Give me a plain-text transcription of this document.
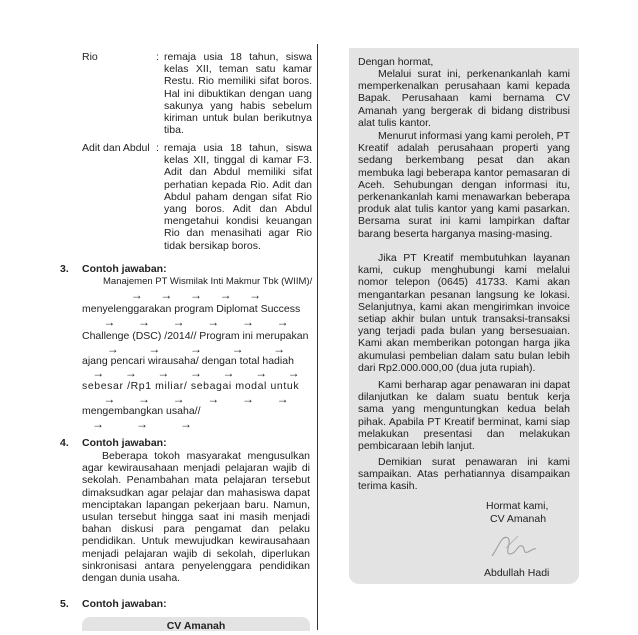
Rio	: remaja usia 18 tahun, siswa kelas XII, teman satu kamar Restu. Rio memiliki sifat boros. Hal ini dibuktikan dengan uang sakunya yang habis sebelum kiriman untuk bulan berikutnya tiba.
Adit dan Abdul : remaja usia 18 tahun, siswa kelas XII, tinggal di kamar F3. Adit dan Abdul memiliki sifat perhatian kepada Rio. Adit dan Abdul paham dengan sifat Rio yang boros. Adit dan Abdul mengetahui kondisi keuangan Rio dan menasihati agar Rio tidak bersikap boros.
3. Contoh jawaban:
Manajemen PT Wismilak Inti Makmur Tbk (WIIM)/
→ → → → →
menyelenggarakan program Diplomat Success
→ → → → → →
Challenge (DSC) /2014// Program ini merupakan
→ → → → →
ajang pencari wirausaha/ dengan total hadiah
→ → → → → → →
sebesar /Rp1 miliar/ sebagai modal untuk
→ → → → → →
mengembangkan usaha//
→	→	→
4. Contoh jawaban:
Beberapa tokoh masyarakat mengusulkan agar kewirausahaan menjadi pelajaran wajib di sekolah. Penambahan mata pelajaran tersebut dimaksudkan agar pelajar dan mahasiswa dapat menciptakan lapangan pekerjaan baru. Namun, usulan tersebut hingga saat ini masih menjadi bahan diskusi para pengamat dan pelaku pendidikan. Untuk mewujudkan kewirausahaan menjadi pelajaran wajib di sekolah, diperlukan sinkronisasi antara penyelenggara pendidikan dengan dunia usaha.
5. Contoh jawaban:
CV Amanah
Dengan hormat,
Melalui surat ini, perkenankanlah kami memperkenalkan perusahaan kami kepada Bapak. Perusahaan kami bernama CV Amanah yang bergerak di bidang distribusi alat tulis kantor.
Menurut informasi yang kami peroleh, PT Kreatif adalah perusahaan properti yang sedang berkembang pesat dan akan membuka lagi beberapa kantor pemasaran di Aceh. Sehubungan dengan informasi itu, perkenankanlah kami menawarkan beberapa produk alat tulis kantor yang kami pasarkan. Bersama surat ini kami lampirkan daftar barang beserta harganya masing-masing.
Jika PT Kreatif membutuhkan layanan kami, cukup menghubungi kami melalui nomor telepon (0645) 41733. Kami akan mengantarkan pesanan langsung ke lokasi. Selanjutnya, kami akan mengirimkan invoice setiap akhir bulan untuk transaksi-transaksi yang terjadi pada bulan yang bersesuaian. Kami akan memberikan potongan harga jika akumulasi pembelian dalam satu bulan lebih dari Rp2.000.000,00 (dua juta rupiah).
Kami berharap agar penawaran ini dapat dilanjutkan ke dalam suatu bentuk kerja sama yang menguntungkan kedua belah pihak. Apabila PT Kreatif berminat, kami siap melakukan presentasi dan melakukan pembicaraan lebih lanjut.
Demikian surat penawaran ini kami sampaikan. Atas perhatiannya disampaikan terima kasih.
Hormat kami,
CV Amanah
Abdullah Hadi
